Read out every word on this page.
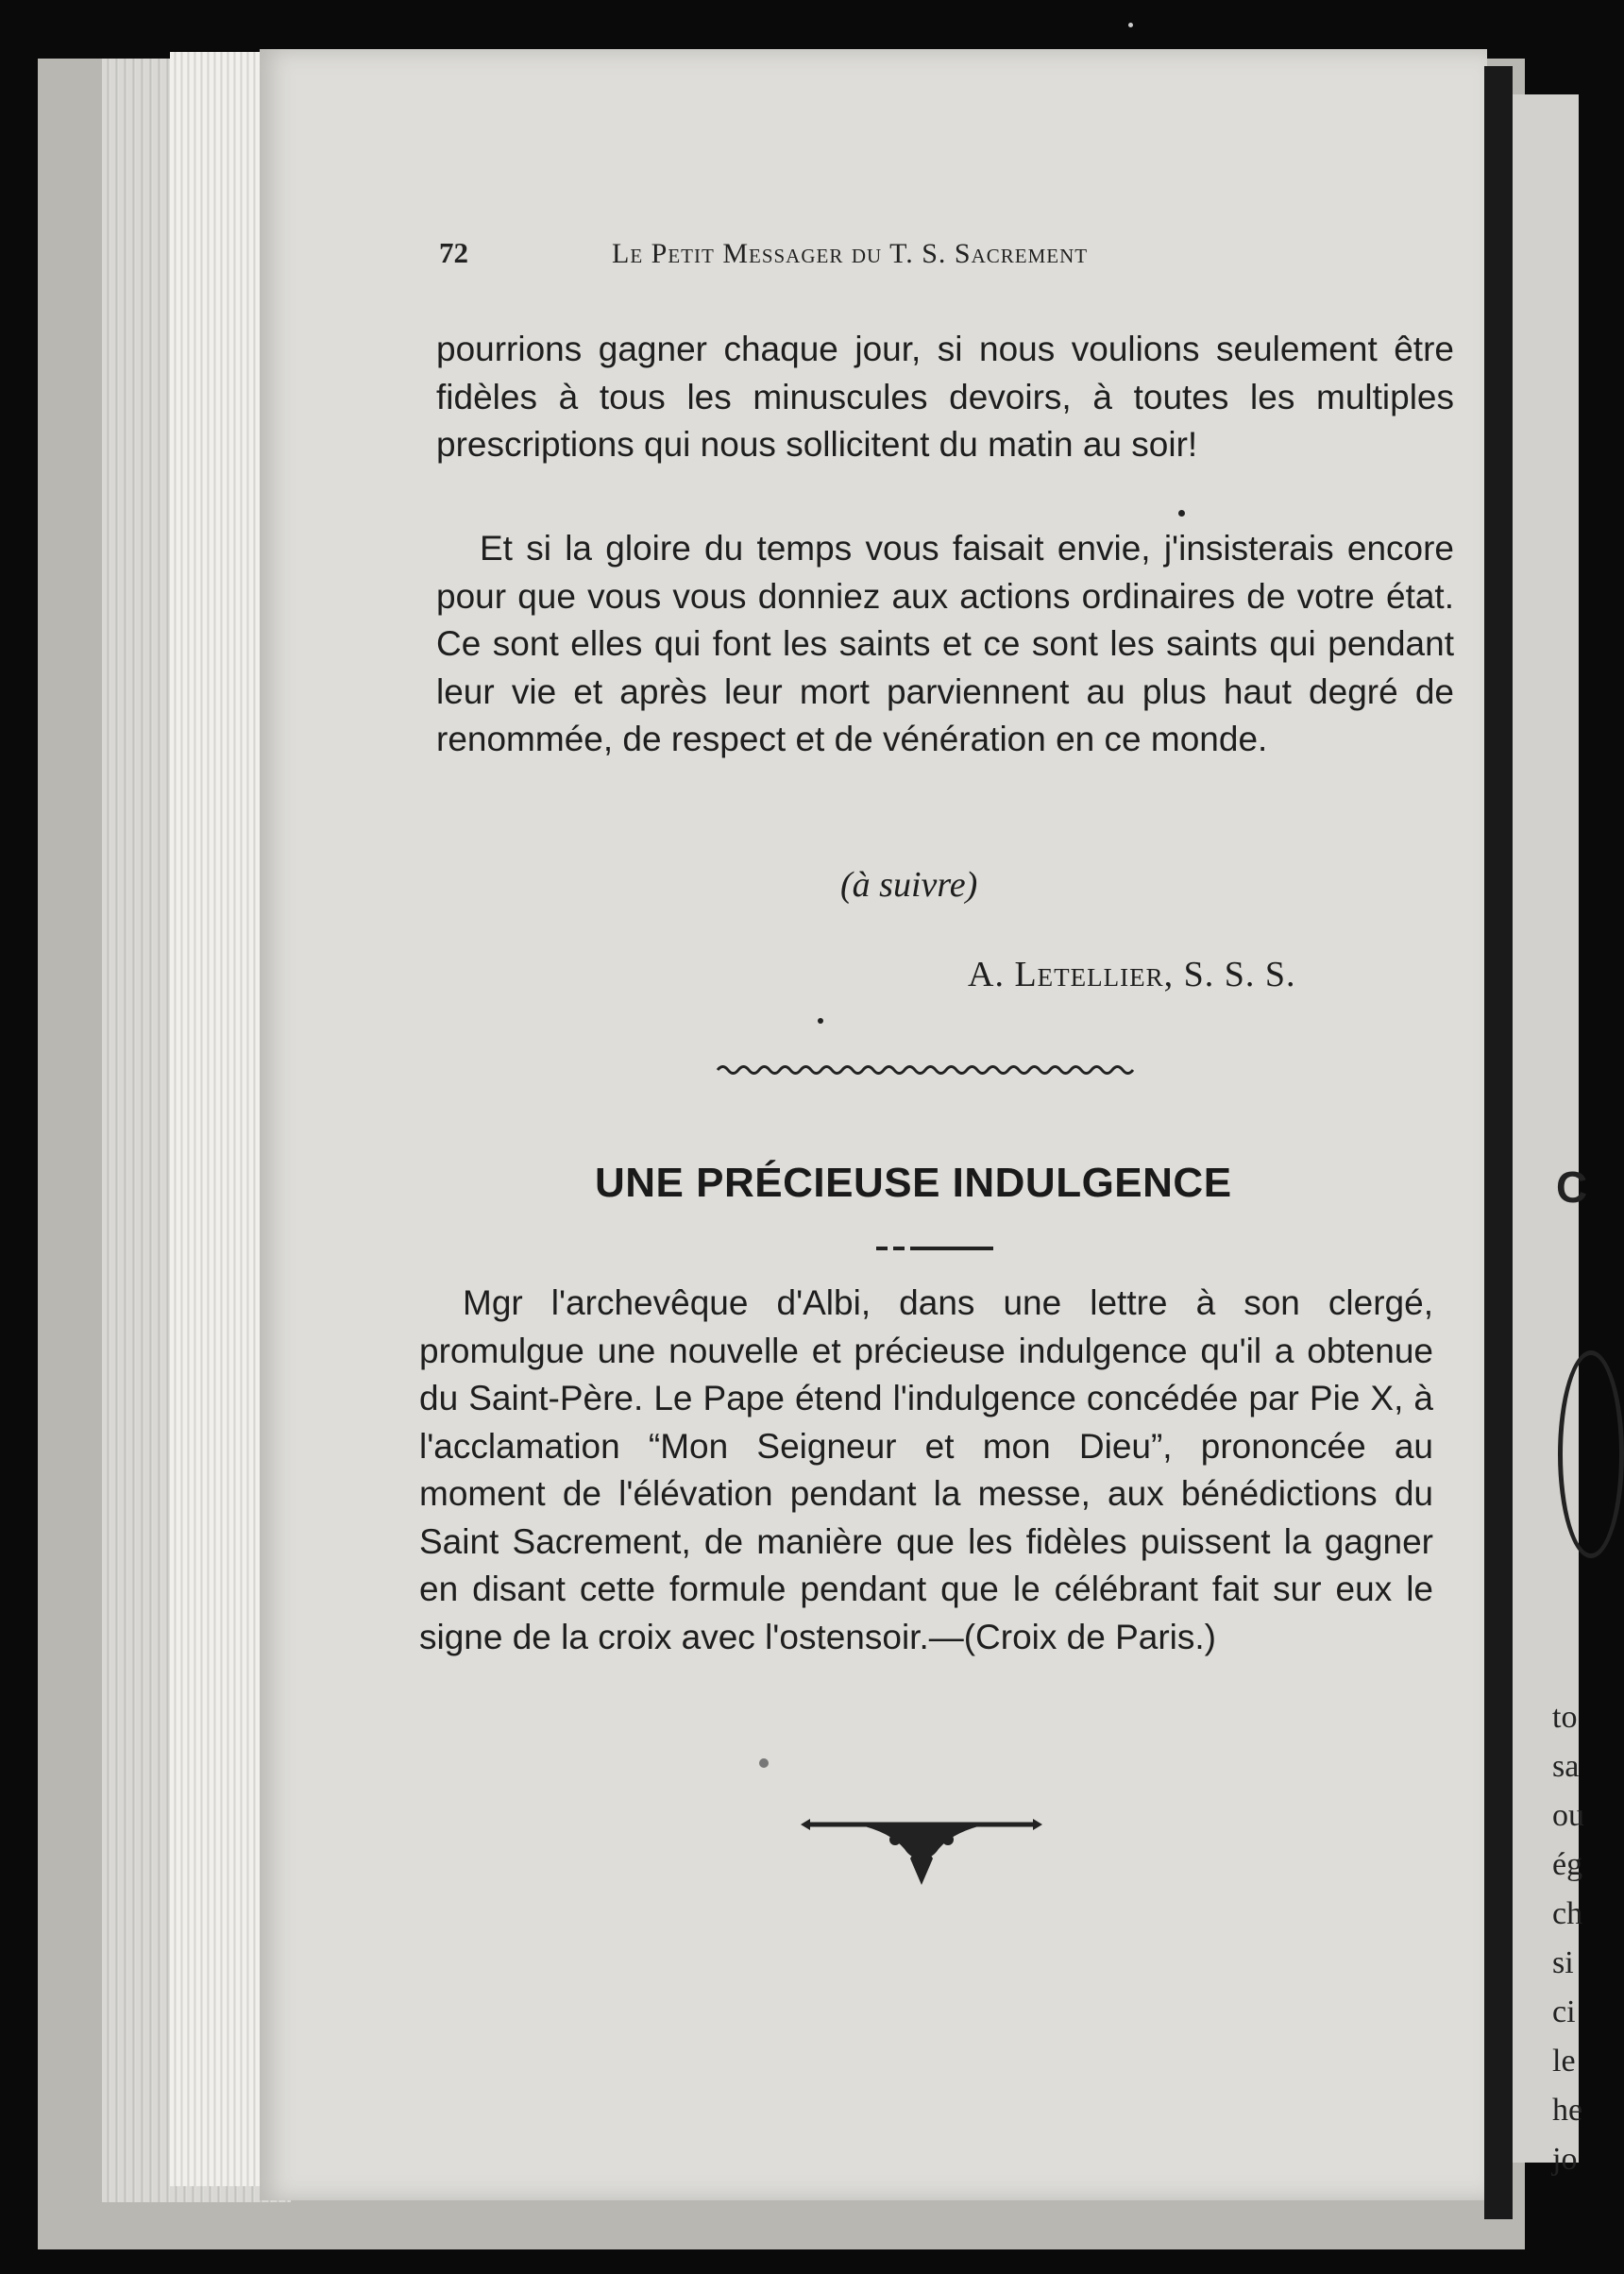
C
to
sa
ou
ég
ch
si
ci
le
he
jo
72	Le Petit Messager du T. S. Sacrement

pourrions gagner chaque jour, si nous voulions seulement être fidèles à tous les minuscules devoirs, à toutes les multiples prescriptions qui nous sollicitent du matin au soir!

Et si la gloire du temps vous faisait envie, j'insisterais encore pour que vous vous donniez aux actions ordinaires de votre état. Ce sont elles qui font les saints et ce sont les saints qui pendant leur vie et après leur mort parviennent au plus haut degré de renommée, de respect et de vénération en ce monde.

(à suivre)
A. Letellier, S. S. S.
UNE PRÉCIEUSE INDULGENCE

Mgr l'archevêque d'Albi, dans une lettre à son clergé, promulgue une nouvelle et précieuse indulgence qu'il a obtenue du Saint-Père. Le Pape étend l'indulgence concédée par Pie X, à l'acclamation “Mon Seigneur et mon Dieu”, prononcée au moment de l'élévation pendant la messe, aux bénédictions du Saint Sacrement, de manière que les fidèles puissent la gagner en disant cette formule pendant que le célébrant fait sur eux le signe de la croix avec l'ostensoir.—(Croix de Paris.)
